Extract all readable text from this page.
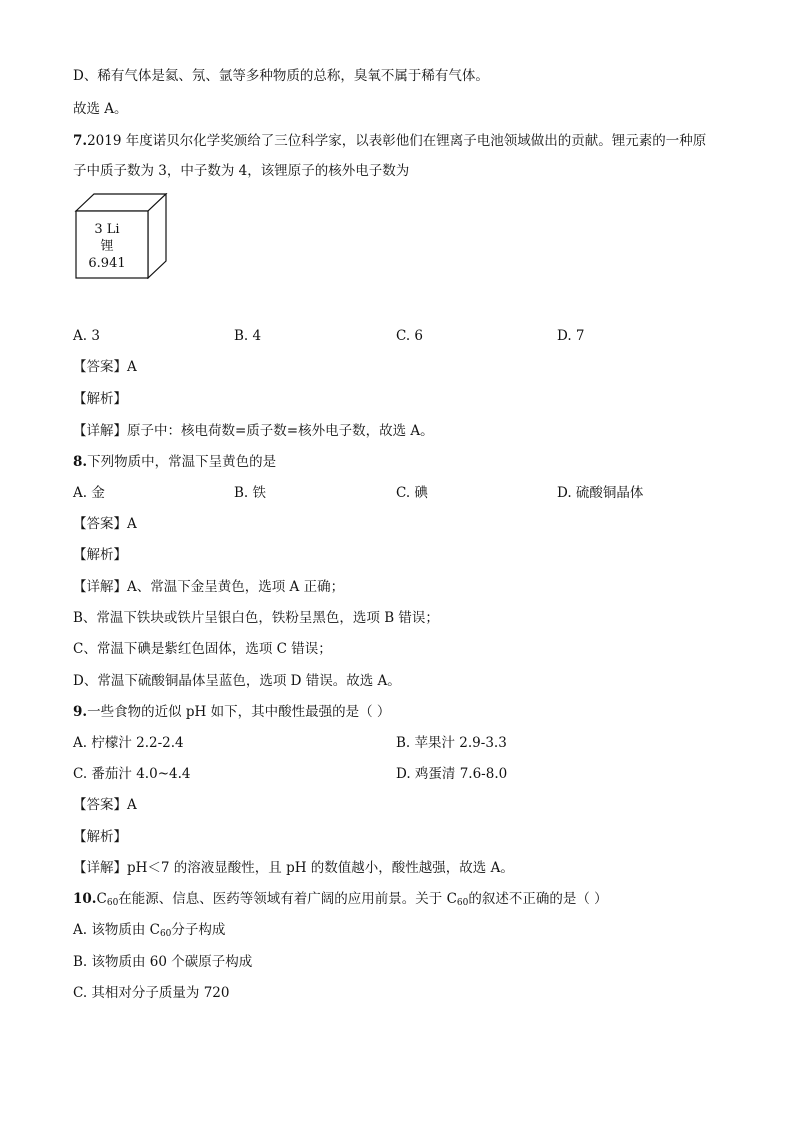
D、稀有气体是氦、氖、氩等多种物质的总称，臭氧不属于稀有气体。
故选 A。
7.2019 年度诺贝尔化学奖颁给了三位科学家，以表彰他们在锂离子电池领域做出的贡献。锂元素的一种原
子中质子数为 3，中子数为 4，该锂原子的核外电子数为
3 Li
锂
6.941
A. 3	B. 4	C. 6	D. 7
【答案】A
【解析】
【详解】原子中：核电荷数=质子数=核外电子数，故选 A。
8.下列物质中，常温下呈黄色的是
A. 金	B. 铁	C. 碘	D. 硫酸铜晶体
【答案】A
【解析】
【详解】A、常温下金呈黄色，选项 A 正确；
B、常温下铁块或铁片呈银白色，铁粉呈黑色，选项 B 错误；
C、常温下碘是紫红色固体，选项 C 错误；
D、常温下硫酸铜晶体呈蓝色，选项 D 错误。故选 A。
9.一些食物的近似 pH 如下，其中酸性最强的是（ ）
A. 柠檬汁 2.2-2.4	B. 苹果汁 2.9-3.3
C. 番茄汁 4.0~4.4	D. 鸡蛋清 7.6-8.0
【答案】A
【解析】
【详解】pH＜7 的溶液显酸性，且 pH 的数值越小，酸性越强，故选 A。
$10.C_{60}$在能源、信息、医药等领域有着广阔的应用前景。关于 $C_{60}$的叙述不正确的是（ ）
A. 该物质由 $C_{60}$分子构成
B. 该物质由 60 个碳原子构成
C. 其相对分子质量为 720
